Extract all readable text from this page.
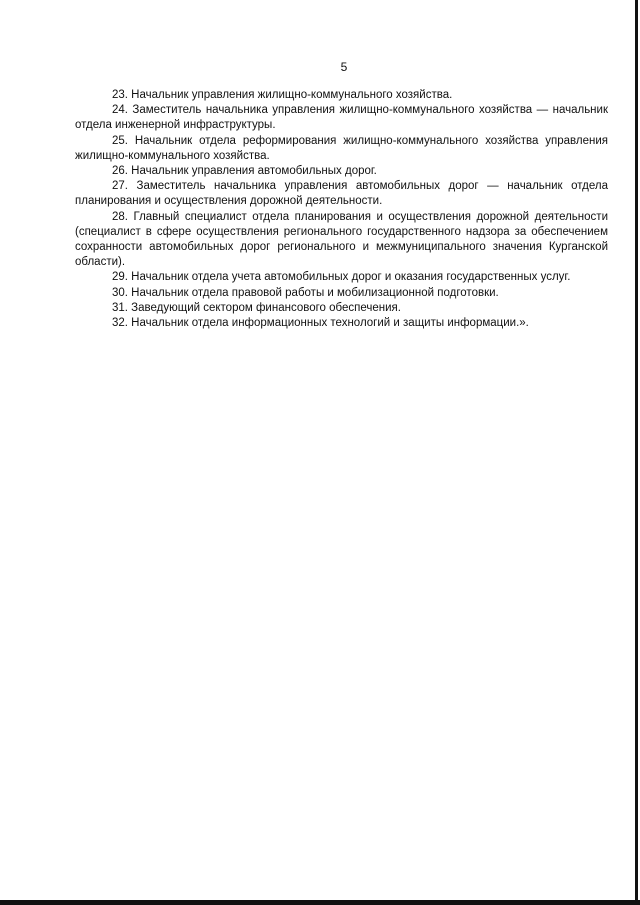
5

23. Начальник управления жилищно-коммунального хозяйства.

24. Заместитель начальника управления жилищно-коммунального хозяйства — начальник отдела инженерной инфраструктуры.

25. Начальник отдела реформирования жилищно-коммунального хозяйства управления жилищно-коммунального хозяйства.

26. Начальник управления автомобильных дорог.

27. Заместитель начальника управления автомобильных дорог — начальник отдела планирования и осуществления дорожной деятельности.

28. Главный специалист отдела планирования и осуществления дорожной деятельности (специалист в сфере осуществления регионального государственного надзора за обеспечением сохранности автомобильных дорог регионального и межмуниципального значения Курганской области).

29. Начальник отдела учета автомобильных дорог и оказания государственных услуг.

30. Начальник отдела правовой работы и мобилизационной подготовки.

31. Заведующий сектором финансового обеспечения.

32. Начальник отдела информационных технологий и защиты информации.».
